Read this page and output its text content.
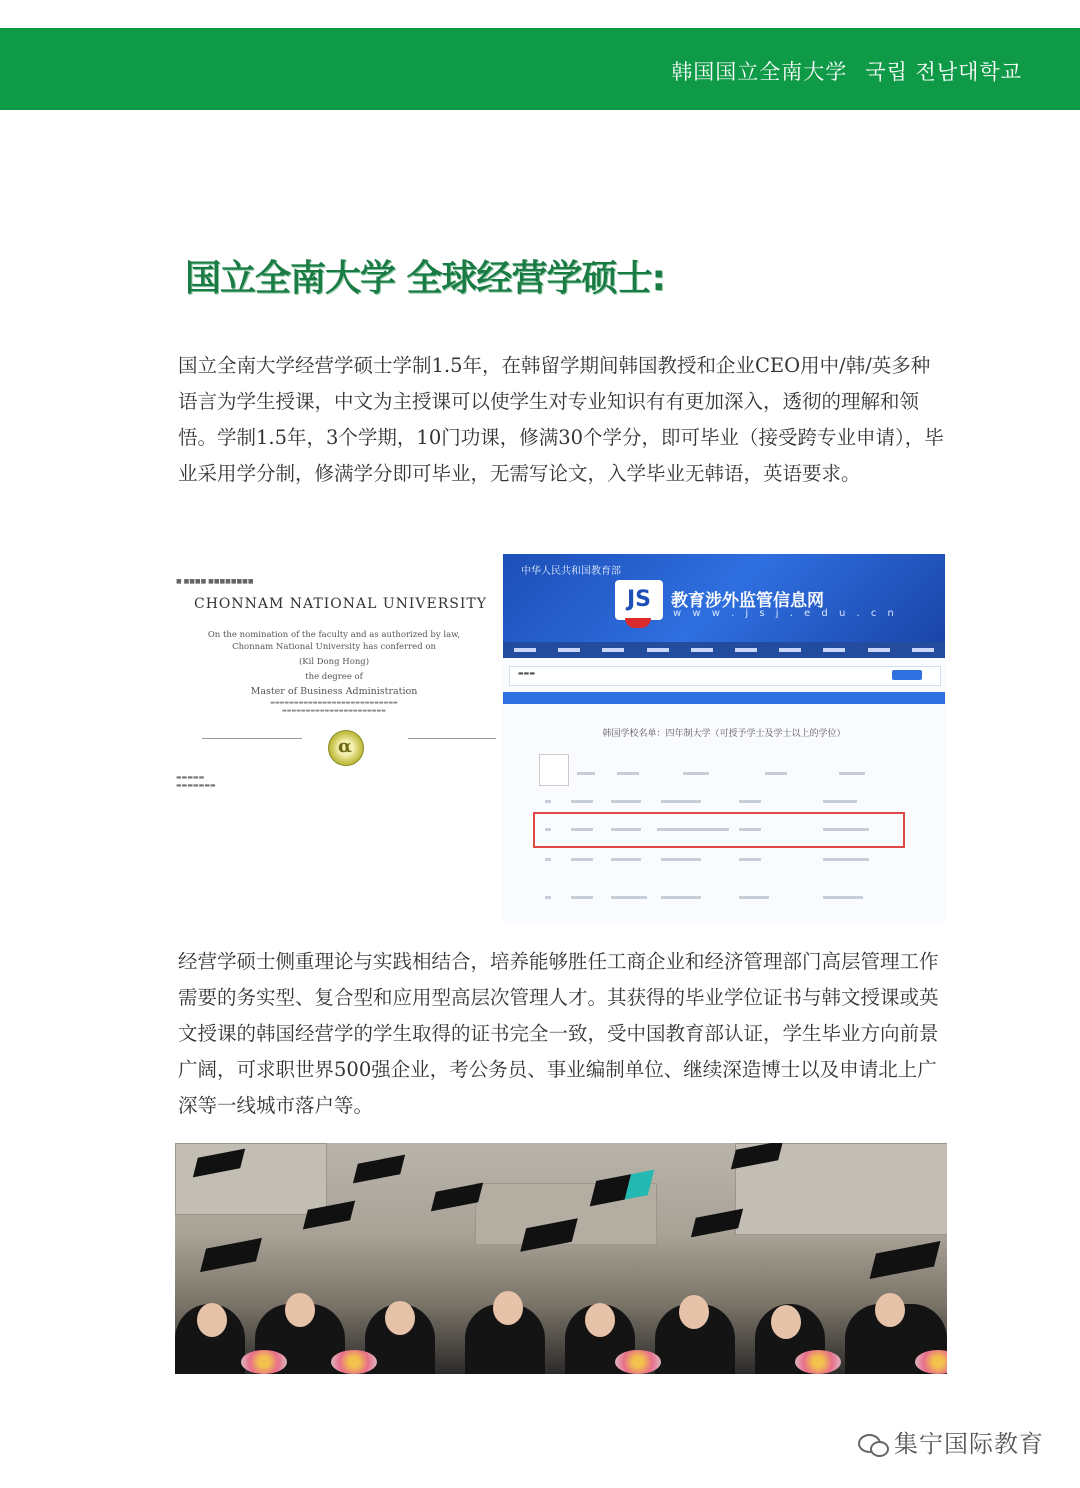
韩国国立全南大学 국립 전남대학교
国立全南大学 全球经营学硕士:

国立全南大学经营学硕士学制1.5年，在韩留学期间韩国教授和企业CEO用中/韩/英多种语言为学生授课，中文为主授课可以使学生对专业知识有有更加深入，透彻的理解和领悟。学制1.5年，3个学期，10门功课，修满30个学分，即可毕业（接受跨专业申请），毕业采用学分制，修满学分即可毕业，无需写论文，入学毕业无韩语，英语要求。

■ ■■■■ ■■■■■■■■
CHONNAM NATIONAL UNIVERSITY
On the nomination of the faculty and as authorized by law,
Chonnam National University has conferred on
(Kil Dong Hong)
the degree of
Master of Business Administration
▬▬▬▬▬▬▬▬▬▬▬▬▬▬▬▬▬▬▬▬▬▬▬▬▬▬▬
▬▬▬▬▬▬▬▬▬▬▬▬▬▬▬▬▬▬▬▬▬▬
α
▬▬▬▬▬
▬▬▬▬▬▬▬
中华人民共和国教育部
JS	教育涉外监管信息网
w w w . j s j . e d u . c n
▬▬▬
韩国学校名单：四年制大学（可授予学士及学士以上的学位）

经营学硕士侧重理论与实践相结合，培养能够胜任工商企业和经济管理部门高层管理工作需要的务实型、复合型和应用型高层次管理人才。其获得的毕业学位证书与韩文授课或英文授课的韩国经营学的学生取得的证书完全一致，受中国教育部认证，学生毕业方向前景广阔，可求职世界500强企业，考公务员、事业编制单位、继续深造博士以及申请北上广深等一线城市落户等。

集宁国际教育
